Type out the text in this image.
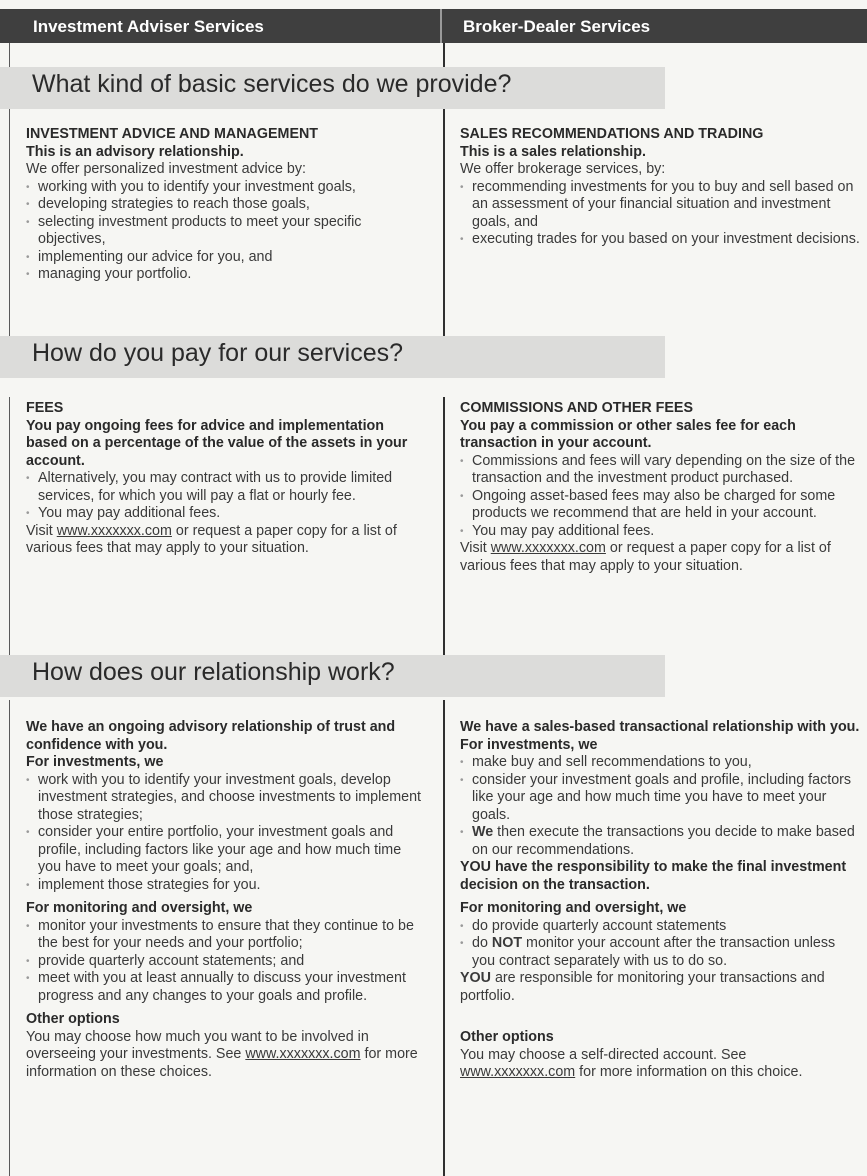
Investment Adviser Services	Broker-Dealer Services
What kind of basic services do we provide?
INVESTMENT ADVICE AND MANAGEMENT
This is an advisory relationship.
We offer personalized investment advice by:
• working with you to identify your investment goals,
• developing strategies to reach those goals,
• selecting investment products to meet your specific objectives,
• implementing our advice for you, and
• managing your portfolio.
SALES RECOMMENDATIONS AND TRADING
This is a sales relationship.
We offer brokerage services, by:
• recommending investments for you to buy and sell based on an assessment of your financial situation and investment goals, and
• executing trades for you based on your investment decisions.
How do you pay for our services?
FEES
You pay ongoing fees for advice and implementation based on a percentage of the value of the assets in your account.
• Alternatively, you may contract with us to provide limited services, for which you will pay a flat or hourly fee.
• You may pay additional fees.
Visit www.xxxxxxx.com or request a paper copy for a list of various fees that may apply to your situation.
COMMISSIONS AND OTHER FEES
You pay a commission or other sales fee for each transaction in your account.
• Commissions and fees will vary depending on the size of the transaction and the investment product purchased.
• Ongoing asset-based fees may also be charged for some products we recommend that are held in your account.
• You may pay additional fees.
Visit www.xxxxxxx.com or request a paper copy for a list of various fees that may apply to your situation.
How does our relationship work?
We have an ongoing advisory relationship of trust and confidence with you.
For investments, we
• work with you to identify your investment goals, develop investment strategies, and choose investments to implement those strategies;
• consider your entire portfolio, your investment goals and profile, including factors like your age and how much time you have to meet your goals; and,
• implement those strategies for you.
For monitoring and oversight, we
• monitor your investments to ensure that they continue to be the best for your needs and your portfolio;
• provide quarterly account statements; and
• meet with you at least annually to discuss your investment progress and any changes to your goals and profile.
Other options
You may choose how much you want to be involved in overseeing your investments. See www.xxxxxxx.com for more information on these choices.
We have a sales-based transactional relationship with you.
For investments, we
• make buy and sell recommendations to you,
• consider your investment goals and profile, including factors like your age and how much time you have to meet your goals.
• We then execute the transactions you decide to make based on our recommendations.
YOU have the responsibility to make the final investment decision on the transaction.
For monitoring and oversight, we
• do provide quarterly account statements
• do NOT monitor your account after the transaction unless you contract separately with us to do so.
YOU are responsible for monitoring your transactions and portfolio.
Other options
You may choose a self-directed account. See www.xxxxxxx.com for more information on this choice.
